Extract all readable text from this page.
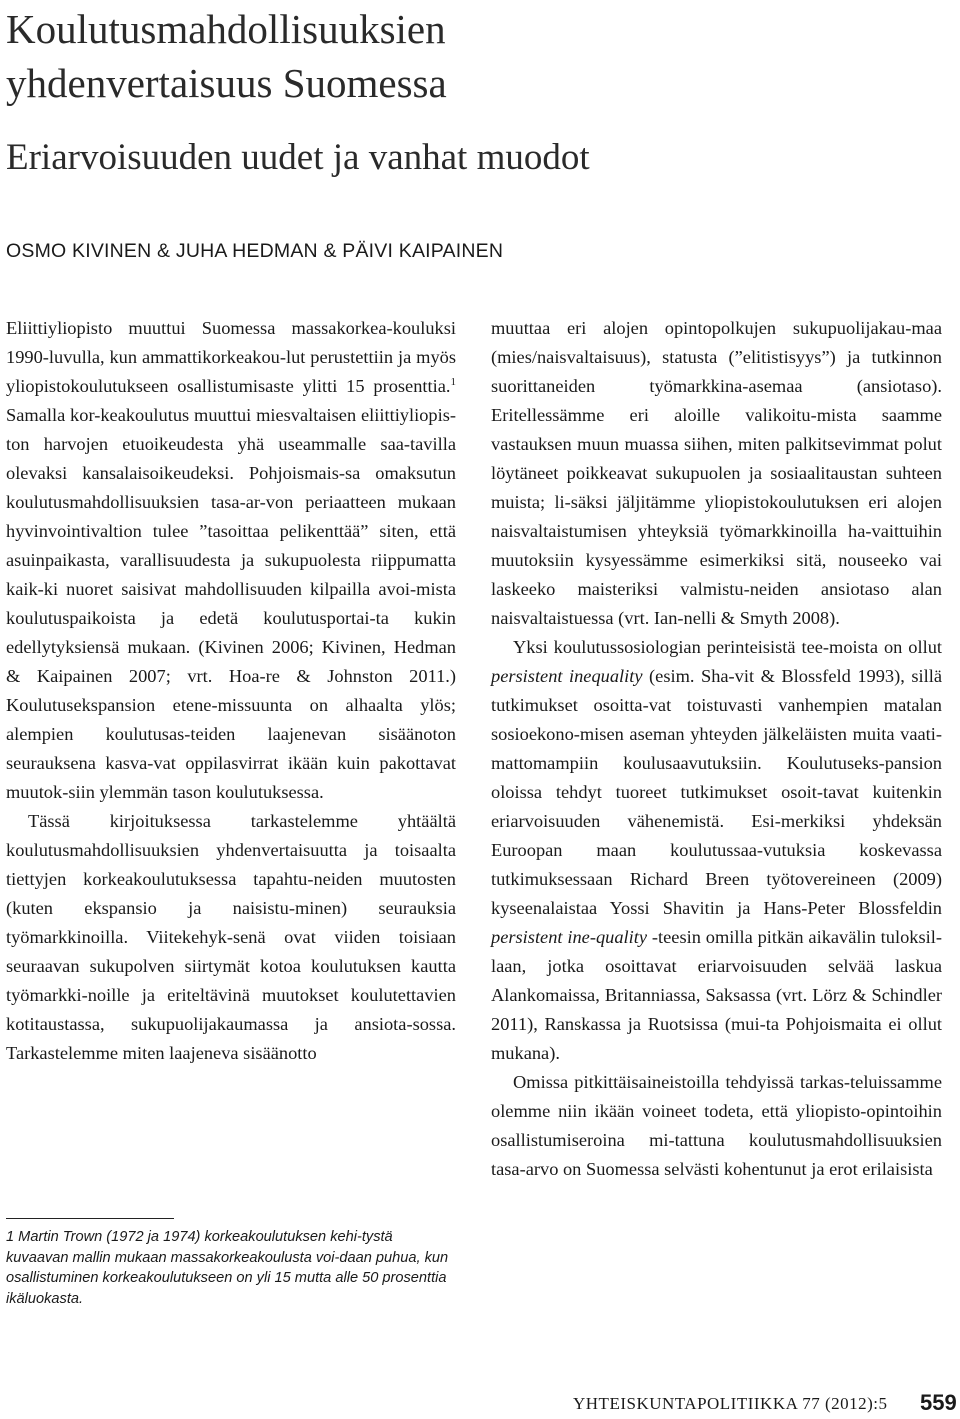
Koulutusmahdollisuuksien
yhdenvertaisuus Suomessa
Eriarvoisuuden uudet ja vanhat muodot
OSMO KIVINEN & JUHA HEDMAN & PÄIVI KAIPAINEN

Eliittiyliopisto muuttui Suomessa massakorkea-kouluksi 1990-luvulla, kun ammattikorkeakou-lut perustettiin ja myös yliopistokoulutukseen osallistumisaste ylitti 15 prosenttia.$^1$ Samalla kor-keakoulutus muuttui miesvaltaisen eliittiyliopis-ton harvojen etuoikeudesta yhä useammalle saa-tavilla olevaksi kansalaisoikeudeksi. Pohjoismais-sa omaksutun koulutusmahdollisuuksien tasa-ar-von periaatteen mukaan hyvinvointivaltion tulee ”tasoittaa pelikenttää” siten, että asuinpaikasta, varallisuudesta ja sukupuolesta riippumatta kaik-ki nuoret saisivat mahdollisuuden kilpailla avoi-mista koulutuspaikoista ja edetä koulutusportai-ta kukin edellytyksiensä mukaan. (Kivinen 2006; Kivinen, Hedman & Kaipainen 2007; vrt. Hoa-re & Johnston 2011.) Koulutusekspansion etene-missuunta on alhaalta ylös; alempien koulutusas-teiden laajenevan sisäänoton seurauksena kasva-vat oppilasvirrat ikään kuin pakottavat muutok-siin ylemmän tason koulutuksessa.

Tässä kirjoituksessa tarkastelemme yhtäältä koulutusmahdollisuuksien yhdenvertaisuutta ja toisaalta tiettyjen korkeakoulutuksessa tapahtu-neiden muutosten (kuten ekspansio ja naisistu-minen) seurauksia työmarkkinoilla. Viitekehyk-senä ovat viiden toisiaan seuraavan sukupolven siirtymät kotoa koulutuksen kautta työmarkki-noille ja eriteltävinä muutokset koulutettavien kotitaustassa, sukupuolijakaumassa ja ansiota-sossa. Tarkastelemme miten laajeneva sisäänotto

muuttaa eri alojen opintopolkujen sukupuolijakau-maa (mies/naisvaltaisuus), statusta (”elitistisyys”) ja tutkinnon suorittaneiden työmarkkina-asemaa (ansiotaso). Eritellessämme eri aloille valikoitu-mista saamme vastauksen muun muassa siihen, miten palkitsevimmat polut löytäneet poikkeavat sukupuolen ja sosiaalitaustan suhteen muista; li-säksi jäljitämme yliopistokoulutuksen eri alojen naisvaltaistumisen yhteyksiä työmarkkinoilla ha-vaittuihin muutoksiin kysyessämme esimerkiksi sitä, nouseeko vai laskeeko maisteriksi valmistu-neiden ansiotaso alan naisvaltaistuessa (vrt. Ian-nelli & Smyth 2008).

Yksi koulutussosiologian perinteisistä tee-moista on ollut persistent inequality (esim. Sha-vit & Blossfeld 1993), sillä tutkimukset osoitta-vat toistuvasti vanhempien matalan sosioekono-misen aseman yhteyden jälkeläisten muita vaati-mattomampiin koulusaavutuksiin. Koulutuseks-pansion oloissa tehdyt tuoreet tutkimukset osoit-tavat kuitenkin eriarvoisuuden vähenemistä. Esi-merkiksi yhdeksän Euroopan maan koulutussaa-vutuksia koskevassa tutkimuksessaan Richard Breen työtovereineen (2009) kyseenalaistaa Yossi Shavitin ja Hans-Peter Blossfeldin persistent ine-quality -teesin omilla pitkän aikavälin tuloksil-laan, jotka osoittavat eriarvoisuuden selvää laskua Alankomaissa, Britanniassa, Saksassa (vrt. Lörz & Schindler 2011), Ranskassa ja Ruotsissa (mui-ta Pohjoismaita ei ollut mukana).

Omissa pitkittäisaineistoilla tehdyissä tarkas-teluissamme olemme niin ikään voineet todeta, että yliopisto-opintoihin osallistumiseroina mi-tattuna koulutusmahdollisuuksien tasa-arvo on Suomessa selvästi kohentunut ja erot erilaisista

1 Martin Trown (1972 ja 1974) korkeakoulutuksen kehi-tystä kuvaavan mallin mukaan massakorkeakoulusta voi-daan puhua, kun osallistuminen korkeakoulutukseen on yli 15 mutta alle 50 prosenttia ikäluokasta.
YHTEISKUNTAPOLITIIKKA 77 (2012):5 559
